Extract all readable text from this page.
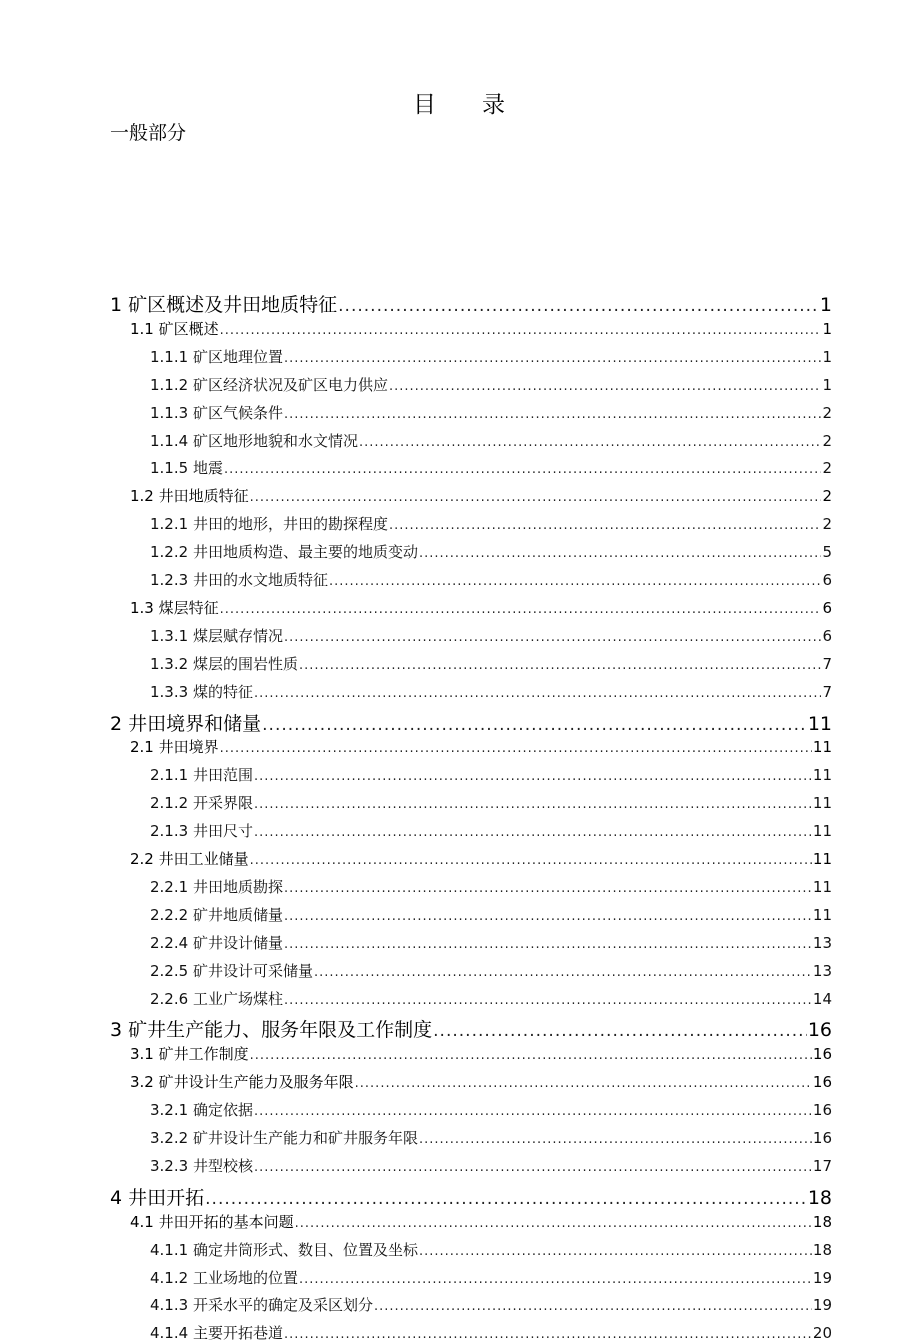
目 录
一般部分
1 矿区概述及井田地质特征 .....	1
1.1 矿区概述 .....	1
1.1.1 矿区地理位置 .....	1
1.1.2 矿区经济状况及矿区电力供应 .....	1
1.1.3 矿区气候条件 .....	2
1.1.4 矿区地形地貌和水文情况 .....	2
1.1.5 地震 .....	2
1.2 井田地质特征 .....	2
1.2.1 井田的地形，井田的勘探程度 .....	2
1.2.2 井田地质构造、最主要的地质变动 .....	5
1.2.3 井田的水文地质特征 .....	6
1.3 煤层特征 .....	6
1.3.1 煤层赋存情况 .....	6
1.3.2 煤层的围岩性质 .....	7
1.3.3 煤的特征 .....	7
2 井田境界和储量 .....	11
2.1 井田境界 .....	11
2.1.1 井田范围 .....	11
2.1.2 开采界限 .....	11
2.1.3 井田尺寸 .....	11
2.2 井田工业储量 .....	11
2.2.1 井田地质勘探 .....	11
2.2.2 矿井地质储量 .....	11
2.2.4 矿井设计储量 .....	13
2.2.5 矿井设计可采储量 .....	13
2.2.6 工业广场煤柱 .....	14
3 矿井生产能力、服务年限及工作制度 .....	16
3.1 矿井工作制度 .....	16
3.2 矿井设计生产能力及服务年限 .....	16
3.2.1 确定依据 .....	16
3.2.2 矿井设计生产能力和矿井服务年限 .....	16
3.2.3 井型校核 .....	17
4 井田开拓 .....	18
4.1 井田开拓的基本问题 .....	18
4.1.1 确定井筒形式、数目、位置及坐标 .....	18
4.1.2 工业场地的位置 .....	19
4.1.3 开采水平的确定及采区划分 .....	19
4.1.4 主要开拓巷道 .....	20
